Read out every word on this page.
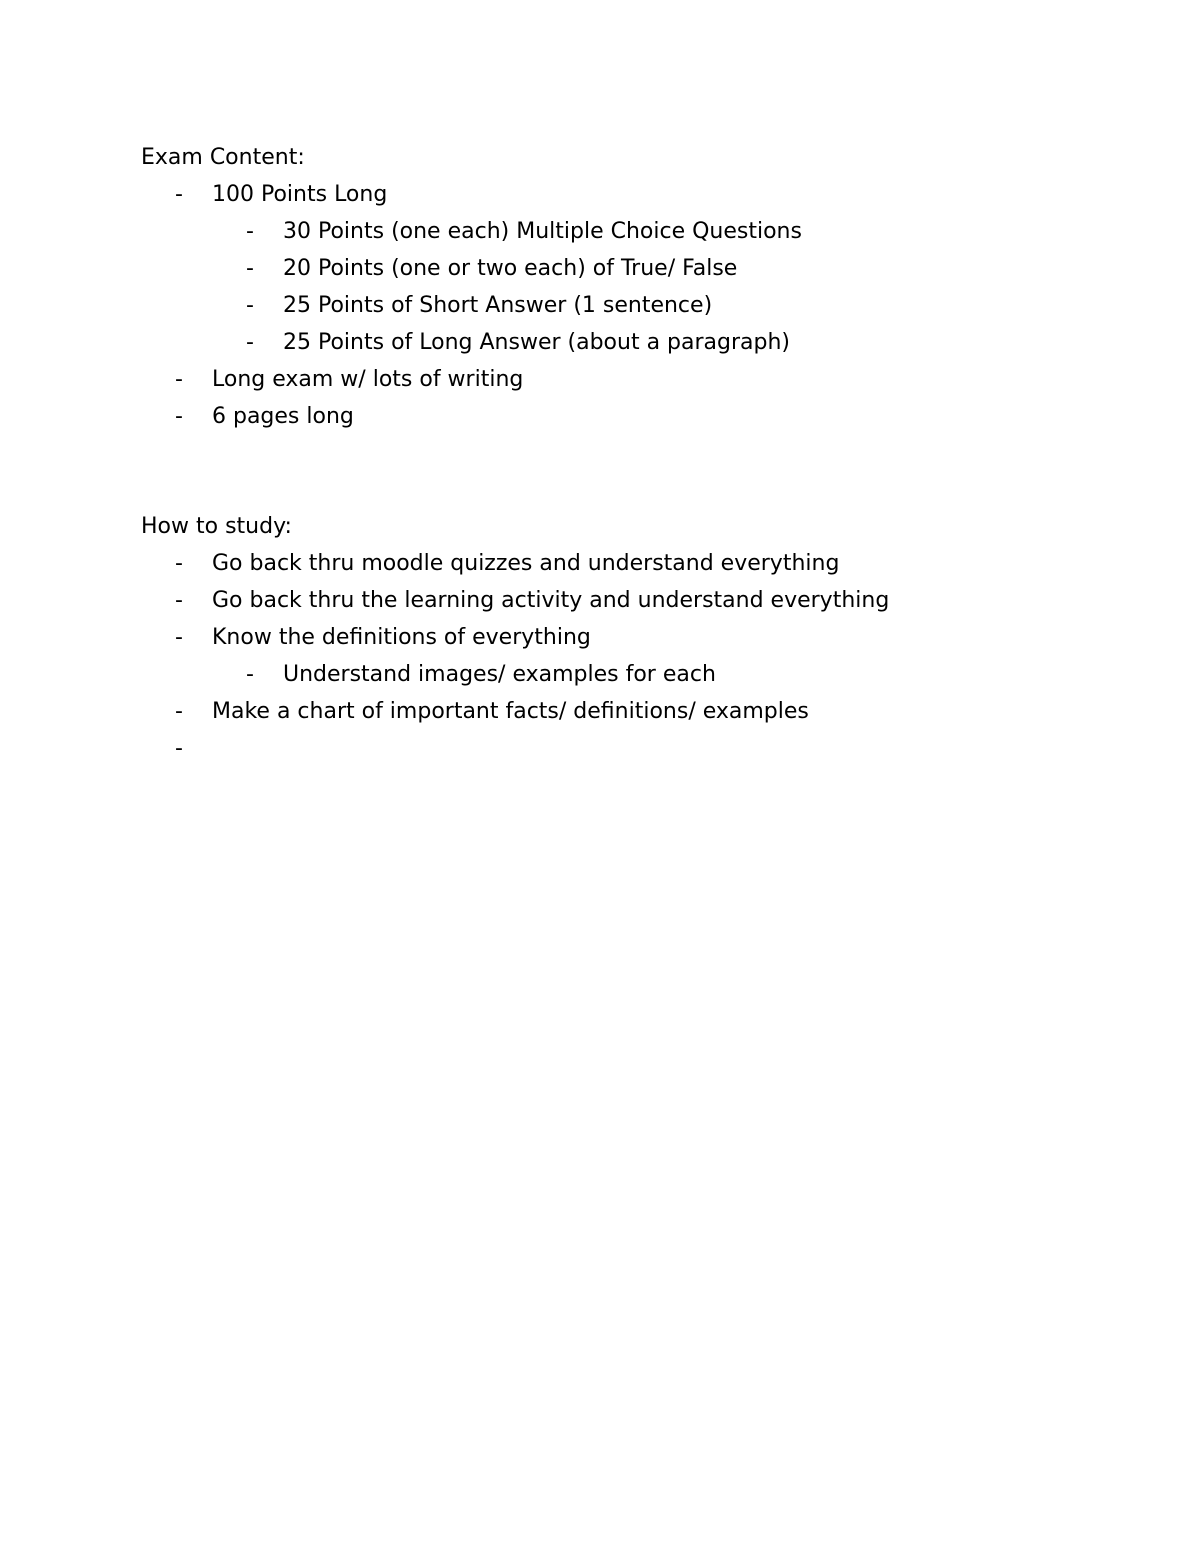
Exam Content:
- 100 Points Long
- 30 Points (one each) Multiple Choice Questions
- 20 Points (one or two each) of True/ False
- 25 Points of Short Answer (1 sentence)
- 25 Points of Long Answer (about a paragraph)
- Long exam w/ lots of writing
- 6 pages long
How to study:
- Go back thru moodle quizzes and understand everything
- Go back thru the learning activity and understand everything
- Know the definitions of everything
- Understand images/ examples for each
- Make a chart of important facts/ definitions/ examples
-
